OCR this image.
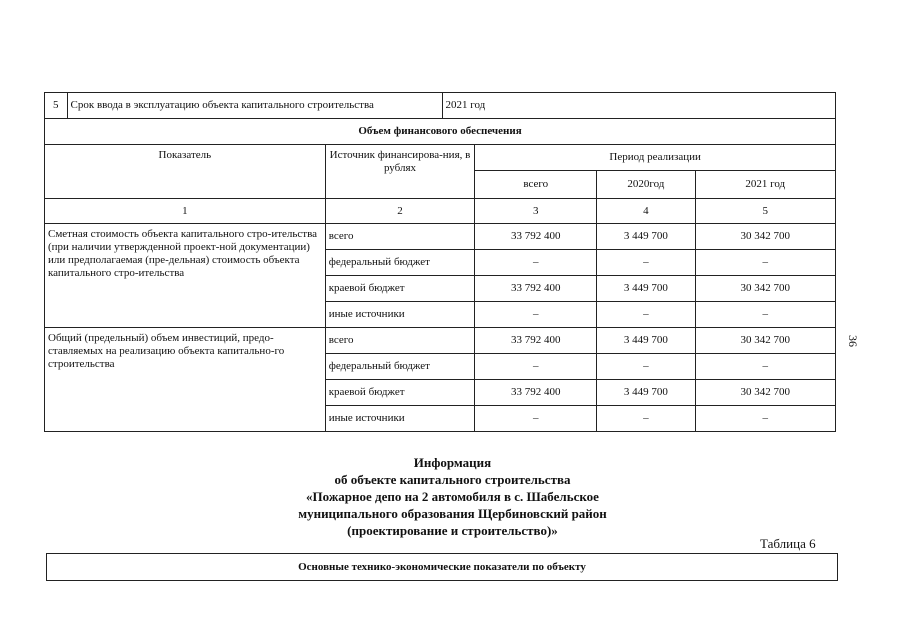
5	Срок ввода в эксплуатацию объекта капитального строительства		2021 год			
Объем финансового обеспечения						
Показатель		Источник финансирова-ния, в рублях		Период реализации		
				всего	2020год	2021 год
1		2		3	4	5
Сметная стоимость объекта капитального стро-ительства (при наличии утвержденной проект-ной документации) или предполагаемая (пре-дельная) стоимость объекта капитального стро-ительства		всего		33 792 400	3 449 700	30 342 700
		федеральный бюджет		–	–	–
		краевой бюджет		33 792 400	3 449 700	30 342 700
		иные источники		–	–	–
Общий (предельный) объем инвестиций, предо-ставляемых на реализацию объекта капитально-го строительства		всего		33 792 400	3 449 700	30 342 700
		федеральный бюджет		–	–	–
		краевой бюджет		33 792 400	3 449 700	30 342 700
		иные источники		–	–	–
36
Информация
об объекте капитального строительства
«Пожарное депо на 2 автомобиля в с. Шабельское
муниципального образования Щербиновский район
(проектирование и строительство)»
Таблица 6
Основные технико-экономические показатели по объекту
